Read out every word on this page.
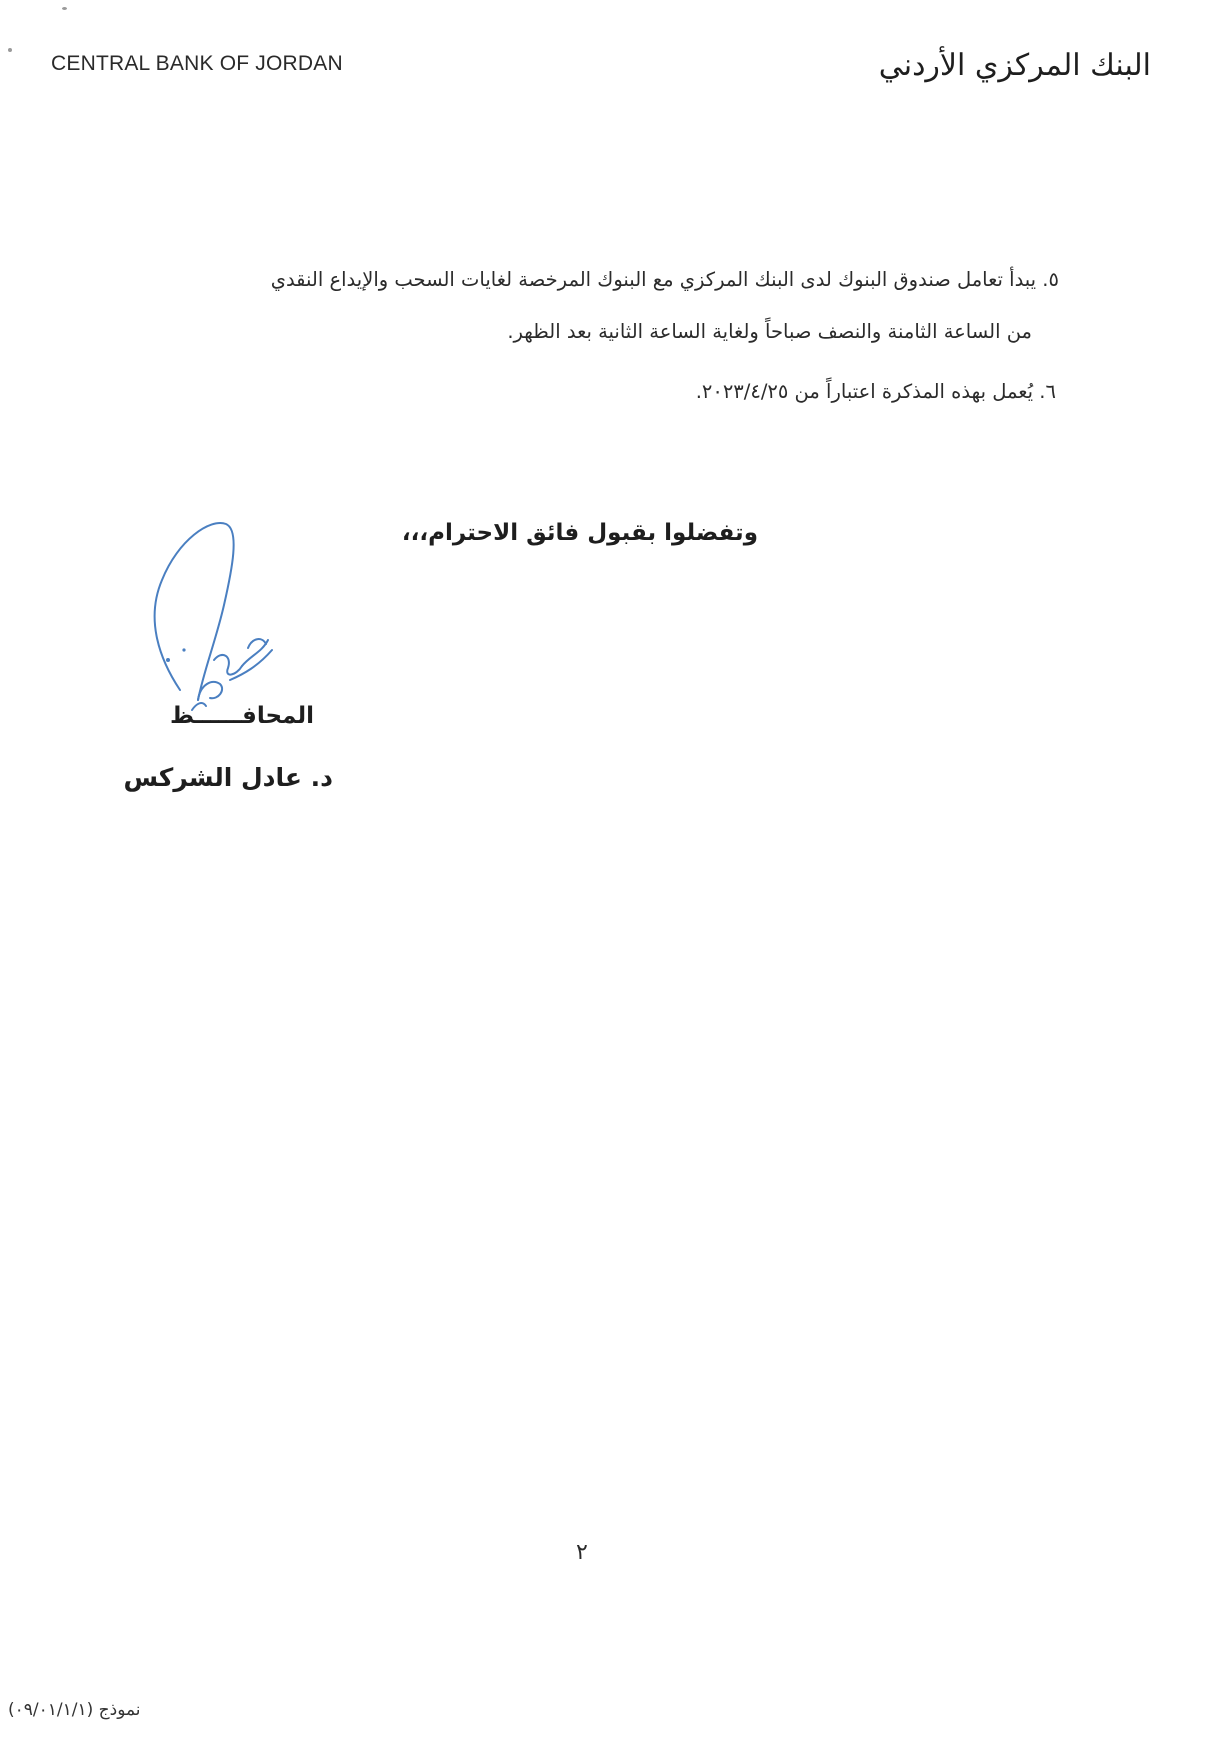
CENTRAL BANK OF JORDAN	البنك المركزي الأردني
٥. يبدأ تعامل صندوق البنوك لدى البنك المركزي مع البنوك المرخصة لغايات السحب والإيداع النقدي
من الساعة الثامنة والنصف صباحاً ولغاية الساعة الثانية بعد الظهر.
٦. يُعمل بهذه المذكرة اعتباراً من ٢٠٢٣/٤/٢٥.
وتفضلوا بقبول فائق الاحترام،،،
المحافــــــظ
د. عادل الشركس
٢
نموذج (٠٩/٠١/١/١)
